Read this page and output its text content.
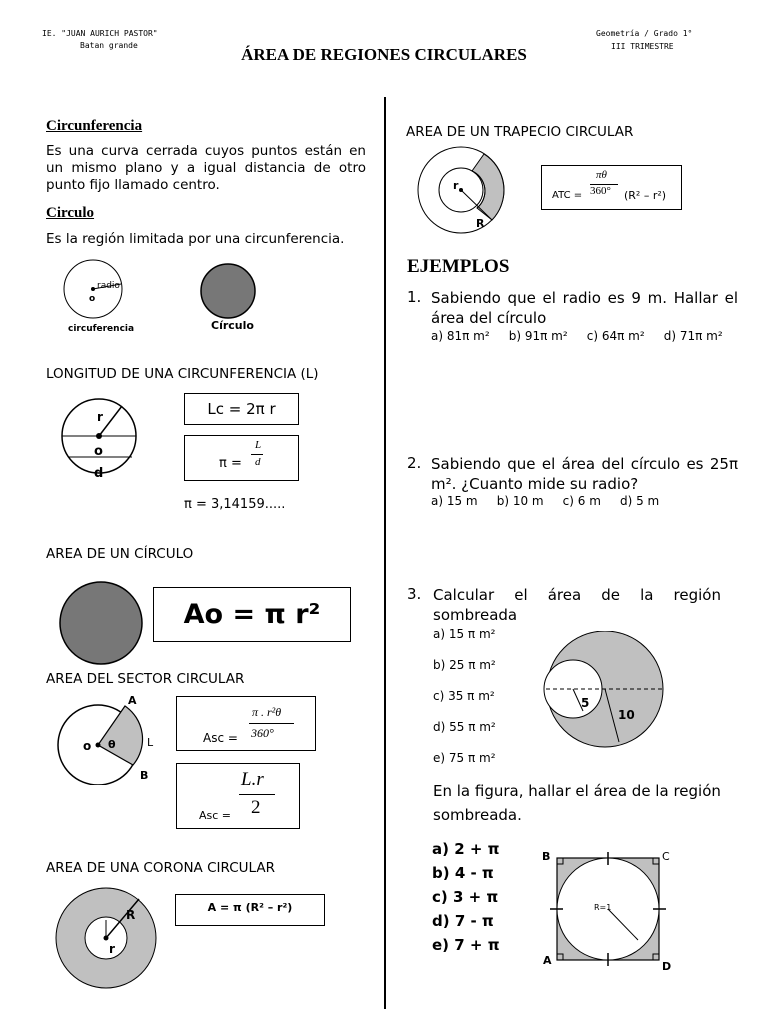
IE. "JUAN AURICH PASTOR"
Batan grande
Geometría / Grado 1°
III TRIMESTRE
ÁREA DE REGIONES CIRCULARES
Circunferencia
Es una curva cerrada cuyos puntos están en un mismo plano y a igual distancia de otro punto fijo llamado centro.
Circulo
Es la región limitada por una circunferencia.
radio
o
circuferencia	Círculo
LONGITUD DE UNA CIRCUNFERENCIA (L)
r
o
d
Lc = 2π r
π =
L
d
π = 3,14159.....
AREA DE UN CÍRCULO
Ao = π r²
AREA DEL SECTOR CIRCULAR
A
B
o θ	L	Asc =
π . r²θ
360°
Asc =
L.r
2
AREA DE UNA CORONA CIRCULAR
R
r
A = π (R² – r²)
AREA DE UN TRAPECIO CIRCULAR
r
R
ATC =
πθ
360° (R² – r²)
EJEMPLOS
1. Sabiendo que el radio es 9 m. Hallar el área del círculo
a) 81π m² b) 91π m² c) 64π m² d) 71π m²
2. Sabiendo que el área del círculo es 25π m². ¿Cuanto mide su radio?
a) 15 m b) 10 m c) 6 m d) 5 m
3. Calcular el área de la región sombreada
a) 15 π m²
b) 25 π m²
c) 35 π m²
d) 55 π m²
e) 75 π m²
5
10
En la figura, hallar el área de la región sombreada.
a) 2 + π
b) 4 - π
c) 3 + π
d) 7 - π
e) 7 + π
B	C
A	D
R=1
